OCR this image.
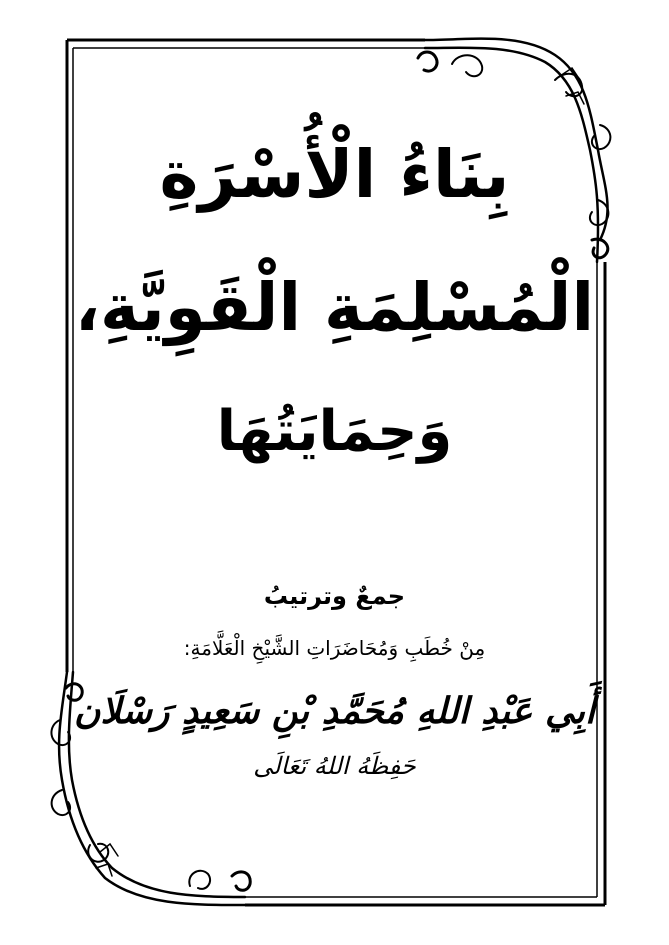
بِنَاءُ الْأُسْرَةِ
الْمُسْلِمَةِ الْقَوِيَّةِ،
وَحِمَايَتُهَا
جمعٌ وترتيبُ
مِنْ خُطَبِ وَمُحَاضَرَاتِ الشَّيْخِ الْعَلَّامَةِ:
أَبِي عَبْدِ اللهِ مُحَمَّدِ بْنِ سَعِيدٍ رَسْلَان
حَفِظَهُ اللهُ تَعَالَى
